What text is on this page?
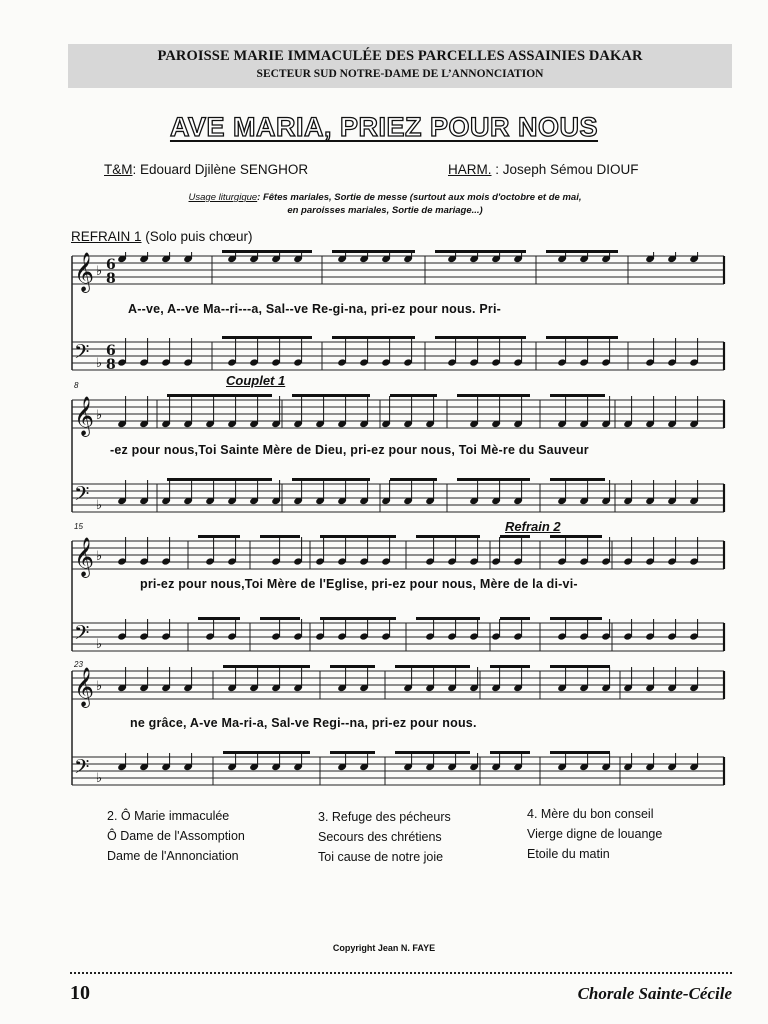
PAROISSE MARIE IMMACULÉE DES PARCELLES ASSAINIES DAKAR
SECTEUR SUD NOTRE-DAME DE L’ANNONCIATION
AVE MARIA, PRIEZ POUR NOUS
T&M: Edouard Djilène SENGHOR	HARM. : Joseph Sémou DIOUF
Usage liturgique: Fêtes mariales, Sortie de messe (surtout aux mois d'octobre et de mai,
en paroisses mariales, Sortie de mariage...)
REFRAIN 1 (Solo puis chœur)
𝄞 ♭
𝄢 ♭
6
8
6
8
A--ve, A--ve Ma--ri---a, Sal--ve Re-gi-na, pri-ez pour nous. Pri-
8	Couplet 1
𝄞 ♭
𝄢 ♭
-ez pour nous,Toi Sainte Mère de Dieu, pri-ez pour nous, Toi Mè-re du Sauveur
15	Refrain 2
𝄞 ♭
𝄢 ♭
pri-ez pour nous,Toi Mère de l'Eglise, pri-ez pour nous, Mère de la di-vi-
23
𝄞 ♭
𝄢 ♭
ne grâce, A-ve Ma-ri-a, Sal-ve Regi--na, pri-ez pour nous.
2. Ô Marie immaculée
Ô Dame de l'Assomption
Dame de l'Annonciation
3. Refuge des pécheurs
Secours des chrétiens
Toi cause de notre joie
4. Mère du bon conseil
Vierge digne de louange
Etoile du matin
Copyright Jean N. FAYE
10	Chorale Sainte-Cécile
